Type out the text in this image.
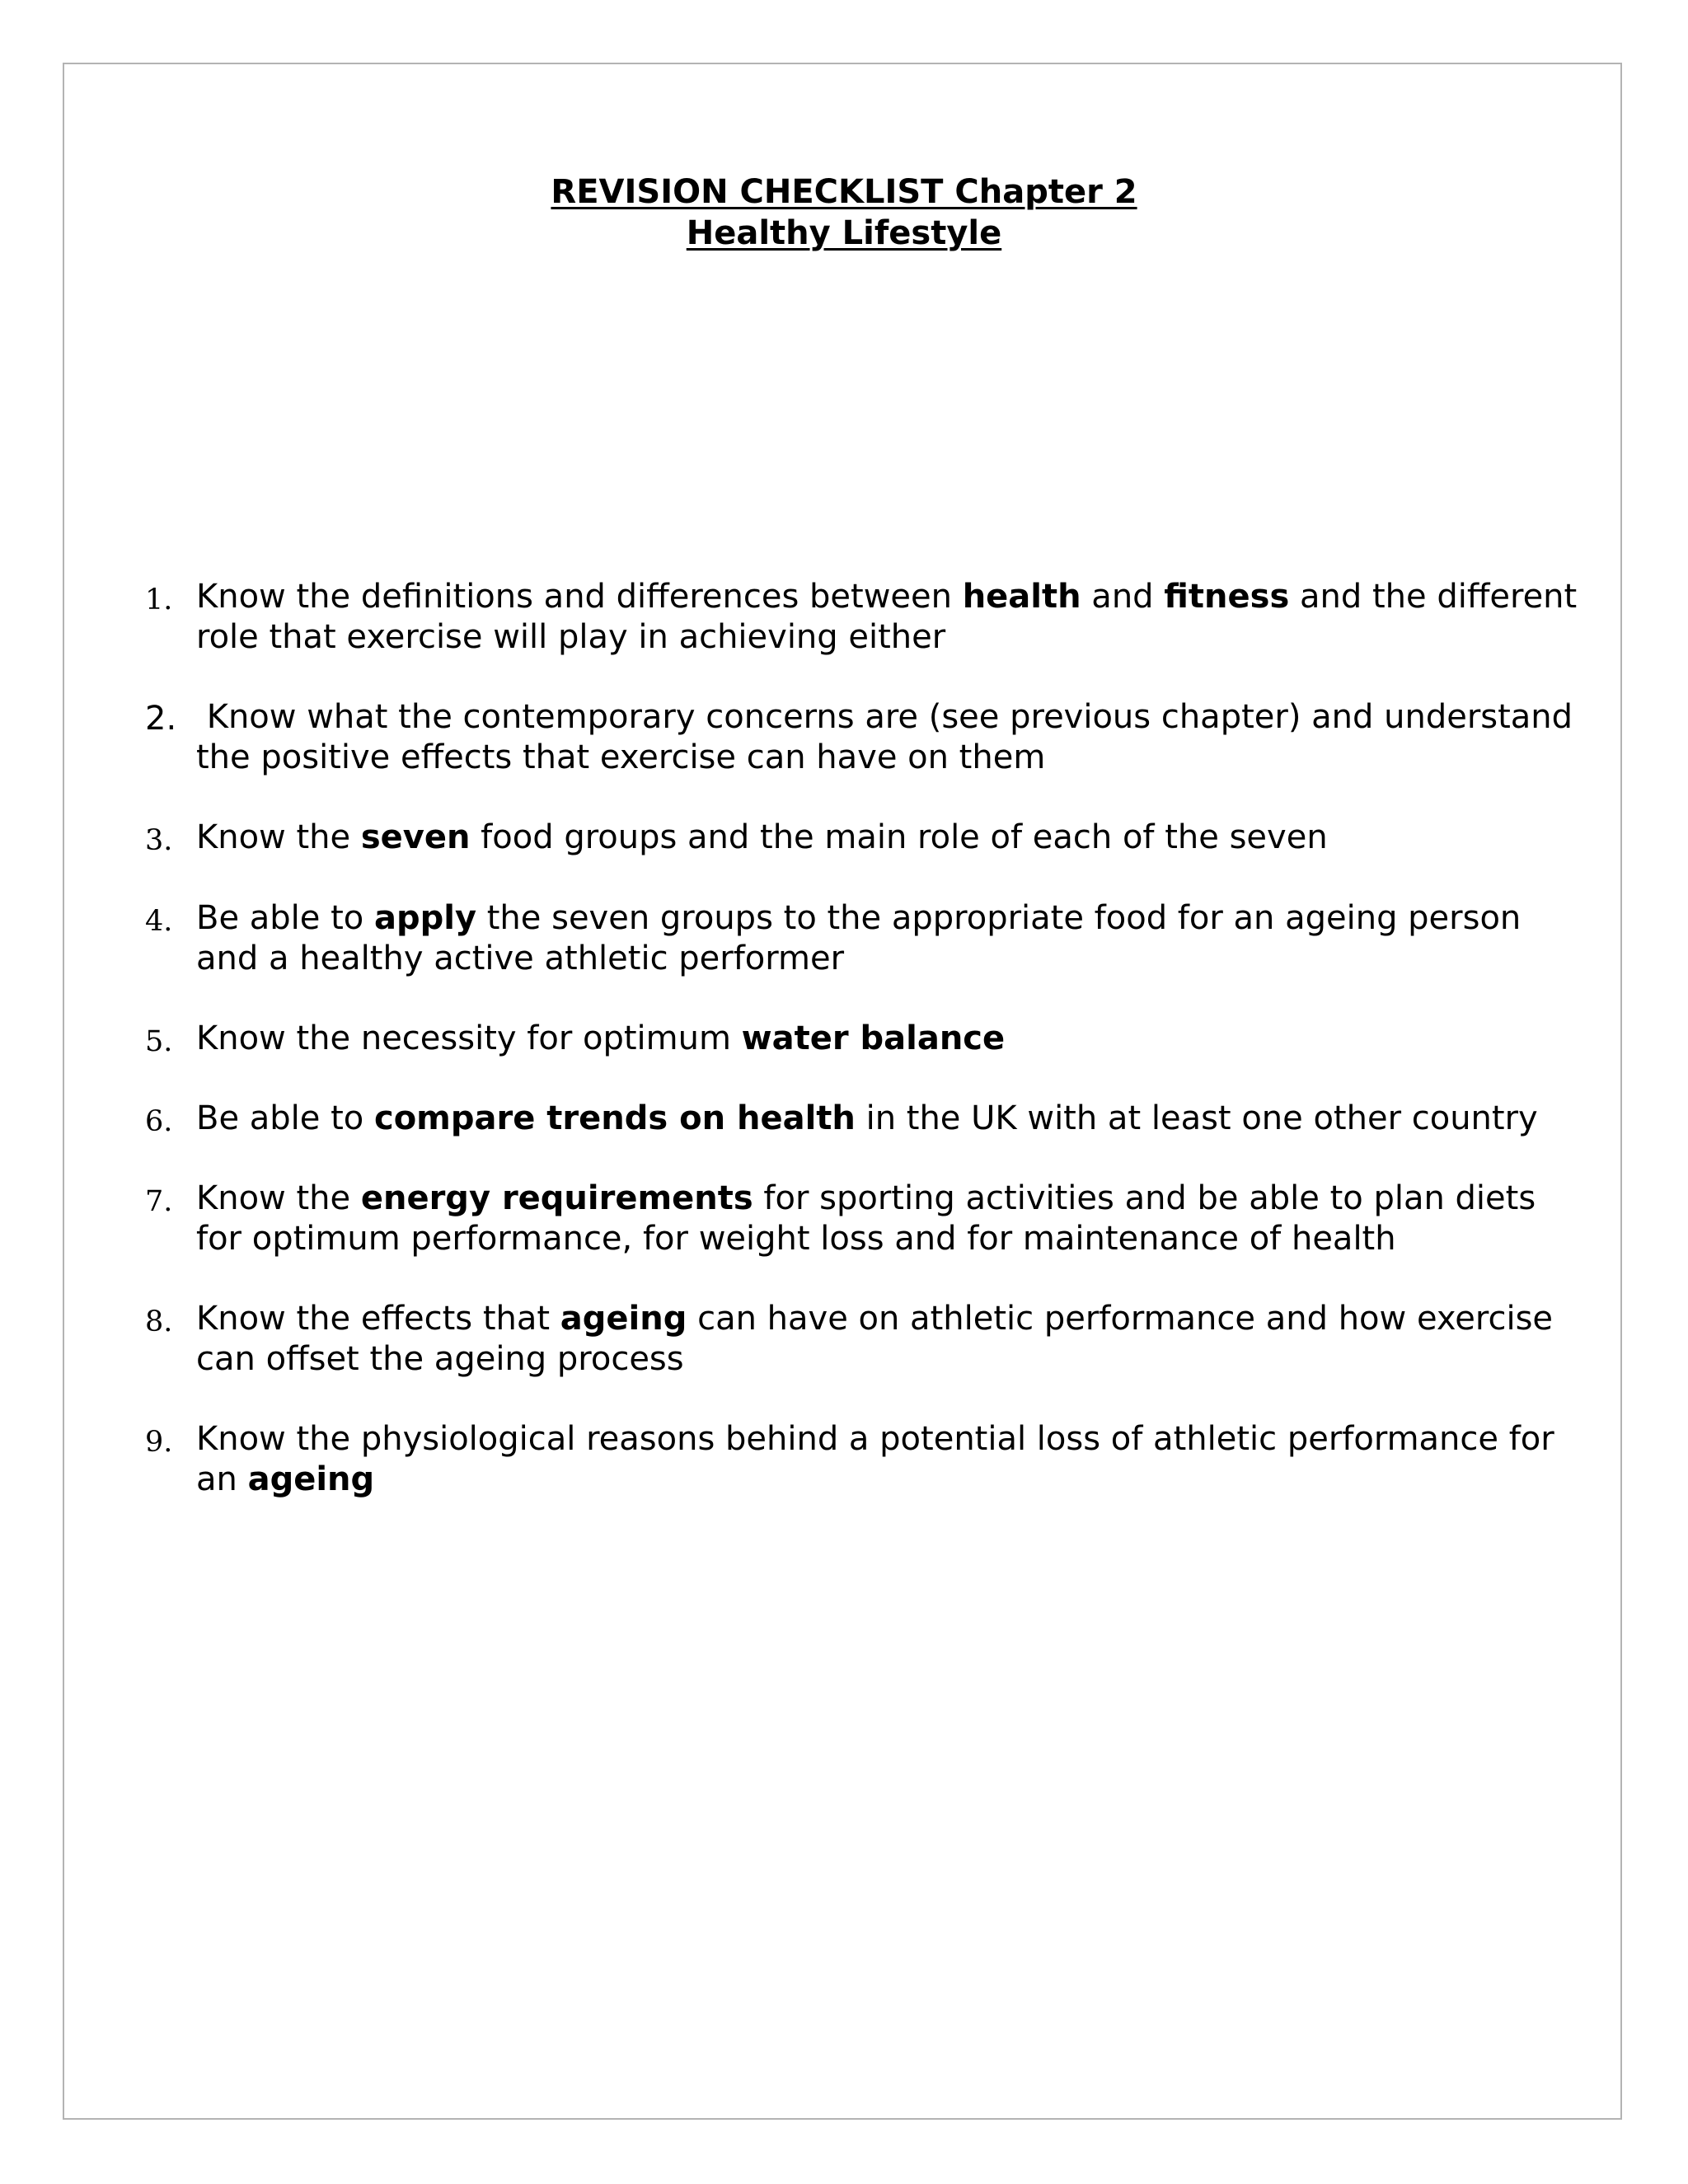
REVISION CHECKLIST Chapter 2
Healthy Lifestyle
1. Know the definitions and differences between health and fitness and the different
role that exercise will play in achieving either
2. Know what the contemporary concerns are (see previous chapter) and understand
the positive effects that exercise can have on them
3. Know the seven food groups and the main role of each of the seven
4. Be able to apply the seven groups to the appropriate food for an ageing person
and a healthy active athletic performer
5. Know the necessity for optimum water balance
6. Be able to compare trends on health in the UK with at least one other country
7. Know the energy requirements for sporting activities and be able to plan diets
for optimum performance, for weight loss and for maintenance of health
8. Know the effects that ageing can have on athletic performance and how exercise
can offset the ageing process
9. Know the physiological reasons behind a potential loss of athletic performance for
an ageing
